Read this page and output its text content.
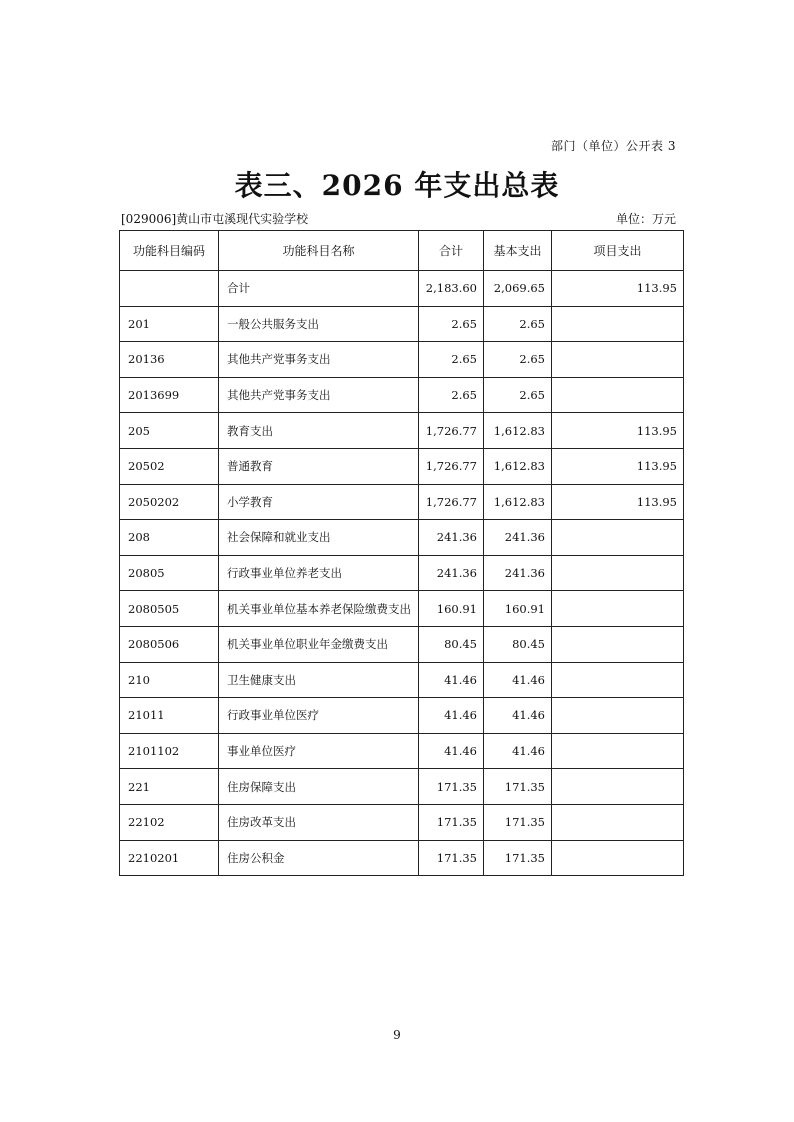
部门（单位）公开表 3
表三、2026 年支出总表
[029006]黄山市屯溪现代实验学校	单位：万元
功能科目编码	功能科目名称	合计	基本支出	项目支出
	合计	2,183.60	2,069.65	113.95
201	一般公共服务支出	2.65	2.65	
20136	其他共产党事务支出	2.65	2.65	
2013699	其他共产党事务支出	2.65	2.65	
205	教育支出	1,726.77	1,612.83	113.95
20502	普通教育	1,726.77	1,612.83	113.95
2050202	小学教育	1,726.77	1,612.83	113.95
208	社会保障和就业支出	241.36	241.36	
20805	行政事业单位养老支出	241.36	241.36	
2080505	机关事业单位基本养老保险缴费支出	160.91	160.91	
2080506	机关事业单位职业年金缴费支出	80.45	80.45	
210	卫生健康支出	41.46	41.46	
21011	行政事业单位医疗	41.46	41.46	
2101102	事业单位医疗	41.46	41.46	
221	住房保障支出	171.35	171.35	
22102	住房改革支出	171.35	171.35	
2210201	住房公积金	171.35	171.35	
9
